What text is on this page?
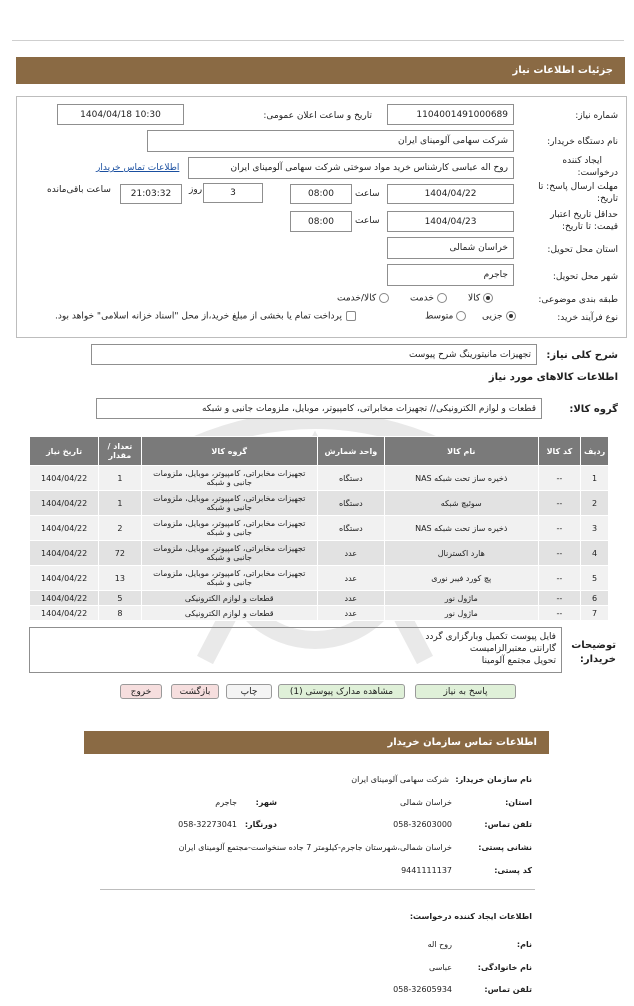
جزئیات اطلاعات نیاز
شماره نیاز:
1104001491000689
تاریخ و ساعت اعلان عمومی:
1404/04/18 10:30
نام دستگاه خریدار:
شرکت سهامی آلومینای ایران
ایجاد کننده
درخواست:
روح اله عباسی کارشناس خرید مواد سوختی شرکت سهامی آلومینای ایران
اطلاعات تماس خریدار
مهلت ارسال پاسخ: تا
تاریخ:
1404/04/22
ساعت
08:00
3
روز
21:03:32
ساعت باقی‌مانده
حداقل تاریخ اعتبار
قیمت: تا تاریخ:
1404/04/23
ساعت
08:00
استان محل تحویل:
خراسان شمالی
شهر محل تحویل:
جاجرم
طبقه بندی موضوعی:
کالا
خدمت
کالا/خدمت
نوع فرآیند خرید:
جزیی
متوسط
پرداخت تمام یا بخشی از مبلغ خرید،از محل "اسناد خزانه اسلامی" خواهد بود.
شرح کلی نیاز:
تجهیزات مانیتورینگ شرح پیوست
اطلاعات کالاهای مورد نیاز
گروه کالا:
قطعات و لوازم الکترونیکی// تجهیزات مخابراتی، کامپیوتر، موبایل، ملزومات جانبی و شبکه
ردیف	کد کالا	نام کالا	واحد شمارش	گروه کالا	تعداد / مقدار	تاریخ نیاز
1	--	ذخیره ساز تحت شبکه NAS	دستگاه	تجهیزات مخابراتی، کامپیوتر، موبایل، ملزومات جانبی و شبکه	1	1404/04/22
2	--	سوئیچ شبکه	دستگاه	تجهیزات مخابراتی، کامپیوتر، موبایل، ملزومات جانبی و شبکه	1	1404/04/22
3	--	ذخیره ساز تحت شبکه NAS	دستگاه	تجهیزات مخابراتی، کامپیوتر، موبایل، ملزومات جانبی و شبکه	2	1404/04/22
4	--	هارد اکسترنال	عدد	تجهیزات مخابراتی، کامپیوتر، موبایل، ملزومات جانبی و شبکه	72	1404/04/22
5	--	پچ کورد فیبر نوری	عدد	تجهیزات مخابراتی، کامپیوتر، موبایل، ملزومات جانبی و شبکه	13	1404/04/22
6	--	ماژول نور	عدد	قطعات و لوازم الکترونیکی	5	1404/04/22
7	--	ماژول نور	عدد	قطعات و لوازم الکترونیکی	8	1404/04/22
توضیحات
خریدار:
فایل پیوست تکمیل وبارگزاری گردد
گارانتی معتبرالزامیست
تحویل مجتمع آلومینا
پاسخ به نیاز
مشاهده مدارک پیوستی (1)
چاپ
بازگشت
خروج
اطلاعات تماس سازمان خریدار
نام سازمان خریدار:
شرکت سهامی آلومینای ایران
استان:
خراسان شمالی
شهر:
جاجرم
تلفن تماس:
058-32603000
دورنگار:
058-32273041
نشانی پستی:
خراسان شمالی،شهرستان جاجرم-کیلومتر 7 جاده سنخواست-مجتمع آلومینای ایران
کد پستی:
9441111137
اطلاعات ایجاد کننده درخواست:
نام:
روح اله
نام خانوادگی:
عباسی
تلفن تماس:
058-32605934
